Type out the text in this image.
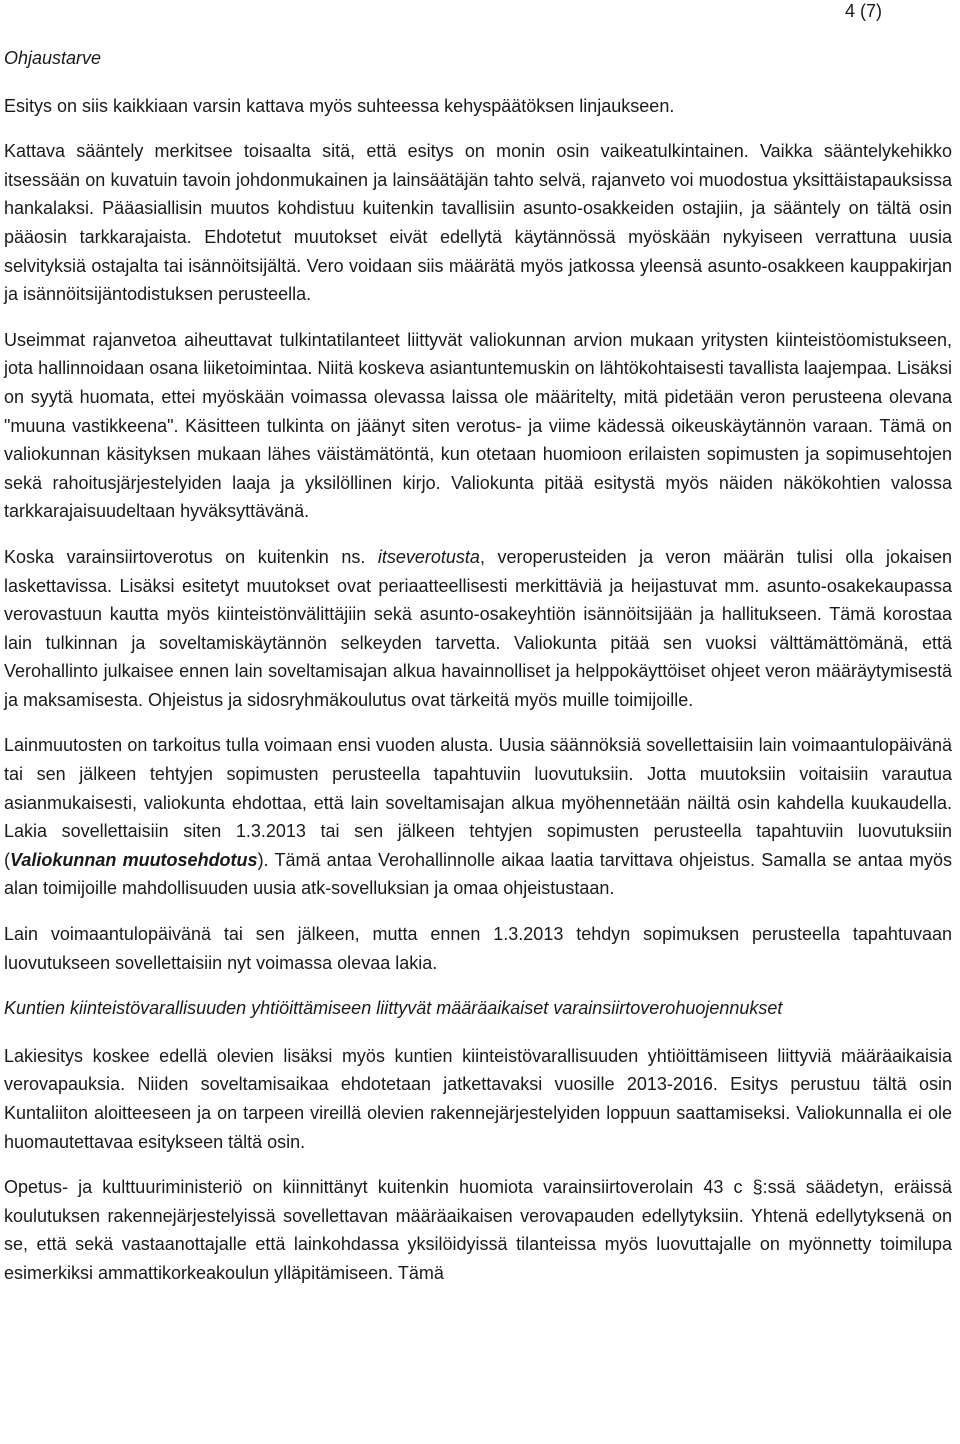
4 (7)
Ohjaustarve

Esitys on siis kaikkiaan varsin kattava myös suhteessa kehyspäätöksen linjaukseen.

Kattava sääntely merkitsee toisaalta sitä, että esitys on monin osin vaikeatulkintainen. Vaikka sääntelykehikko itsessään on kuvatuin tavoin johdonmukainen ja lainsäätäjän tahto selvä, rajanveto voi muodostua yksittäistapauksissa hankalaksi. Pääasiallisin muutos kohdistuu kuitenkin tavallisiin asunto-osakkeiden ostajiin, ja sääntely on tältä osin pääosin tarkkarajaista. Ehdotetut muutokset eivät edellytä käytännössä myöskään nykyiseen verrattuna uusia selvityksiä ostajalta tai isännöitsijältä. Vero voidaan siis määrätä myös jatkossa yleensä asunto-osakkeen kauppakirjan ja isännöitsijäntodistuksen perusteella.

Useimmat rajanvetoa aiheuttavat tulkintatilanteet liittyvät valiokunnan arvion mukaan yritysten kiinteistöomistukseen, jota hallinnoidaan osana liiketoimintaa. Niitä koskeva asiantuntemuskin on lähtökohtaisesti tavallista laajempaa. Lisäksi on syytä huomata, ettei myöskään voimassa olevassa laissa ole määritelty, mitä pidetään veron perusteena olevana "muuna vastikkeena". Käsitteen tulkinta on jäänyt siten verotus- ja viime kädessä oikeuskäytännön varaan. Tämä on valiokunnan käsityksen mukaan lähes väistämätöntä, kun otetaan huomioon erilaisten sopimusten ja sopimusehtojen sekä rahoitusjärjestelyiden laaja ja yksilöllinen kirjo. Valiokunta pitää esitystä myös näiden näkökohtien valossa tarkkarajaisuudeltaan hyväksyttävänä.

Koska varainsiirtoverotus on kuitenkin ns. itseverotusta, veroperusteiden ja veron määrän tulisi olla jokaisen laskettavissa. Lisäksi esitetyt muutokset ovat periaatteellisesti merkittäviä ja heijastuvat mm. asunto-osakekaupassa verovastuun kautta myös kiinteistönvälittäjiin sekä asunto-osakeyhtiön isännöitsijään ja hallitukseen. Tämä korostaa lain tulkinnan ja soveltamiskäytännön selkeyden tarvetta. Valiokunta pitää sen vuoksi välttämättömänä, että Verohallinto julkaisee ennen lain soveltamisajan alkua havainnolliset ja helppokäyttöiset ohjeet veron määräytymisestä ja maksamisesta. Ohjeistus ja sidosryhmäkoulutus ovat tärkeitä myös muille toimijoille.

Lainmuutosten on tarkoitus tulla voimaan ensi vuoden alusta. Uusia säännöksiä sovellettaisiin lain voimaantulopäivänä tai sen jälkeen tehtyjen sopimusten perusteella tapahtuviin luovutuksiin. Jotta muutoksiin voitaisiin varautua asianmukaisesti, valiokunta ehdottaa, että lain soveltamisajan alkua myöhennetään näiltä osin kahdella kuukaudella. Lakia sovellettaisiin siten 1.3.2013 tai sen jälkeen tehtyjen sopimusten perusteella tapahtuviin luovutuksiin (Valiokunnan muutosehdotus). Tämä antaa Verohallinnolle aikaa laatia tarvittava ohjeistus. Samalla se antaa myös alan toimijoille mahdollisuuden uusia atk-sovelluksian ja omaa ohjeistustaan.

Lain voimaantulopäivänä tai sen jälkeen, mutta ennen 1.3.2013 tehdyn sopimuksen perusteella tapahtuvaan luovutukseen sovellettaisiin nyt voimassa olevaa lakia.

Kuntien kiinteistövarallisuuden yhtiöittämiseen liittyvät määräaikaiset varainsiirtoverohuojennukset

Lakiesitys koskee edellä olevien lisäksi myös kuntien kiinteistövarallisuuden yhtiöittämiseen liittyviä määräaikaisia verovapauksia. Niiden soveltamisaikaa ehdotetaan jatkettavaksi vuosille 2013-2016. Esitys perustuu tältä osin Kuntaliiton aloitteeseen ja on tarpeen vireillä olevien rakennejärjestelyiden loppuun saattamiseksi. Valiokunnalla ei ole huomautettavaa esitykseen tältä osin.

Opetus- ja kulttuuriministeriö on kiinnittänyt kuitenkin huomiota varainsiirtoverolain 43 c §:ssä säädetyn, eräissä koulutuksen rakennejärjestelyissä sovellettavan määräaikaisen verovapauden edellytyksiin. Yhtenä edellytyksenä on se, että sekä vastaanottajalle että lainkohdassa yksilöidyissä tilanteissa myös luovuttajalle on myönnetty toimilupa esimerkiksi ammattikorkeakoulun ylläpitämiseen. Tämä
